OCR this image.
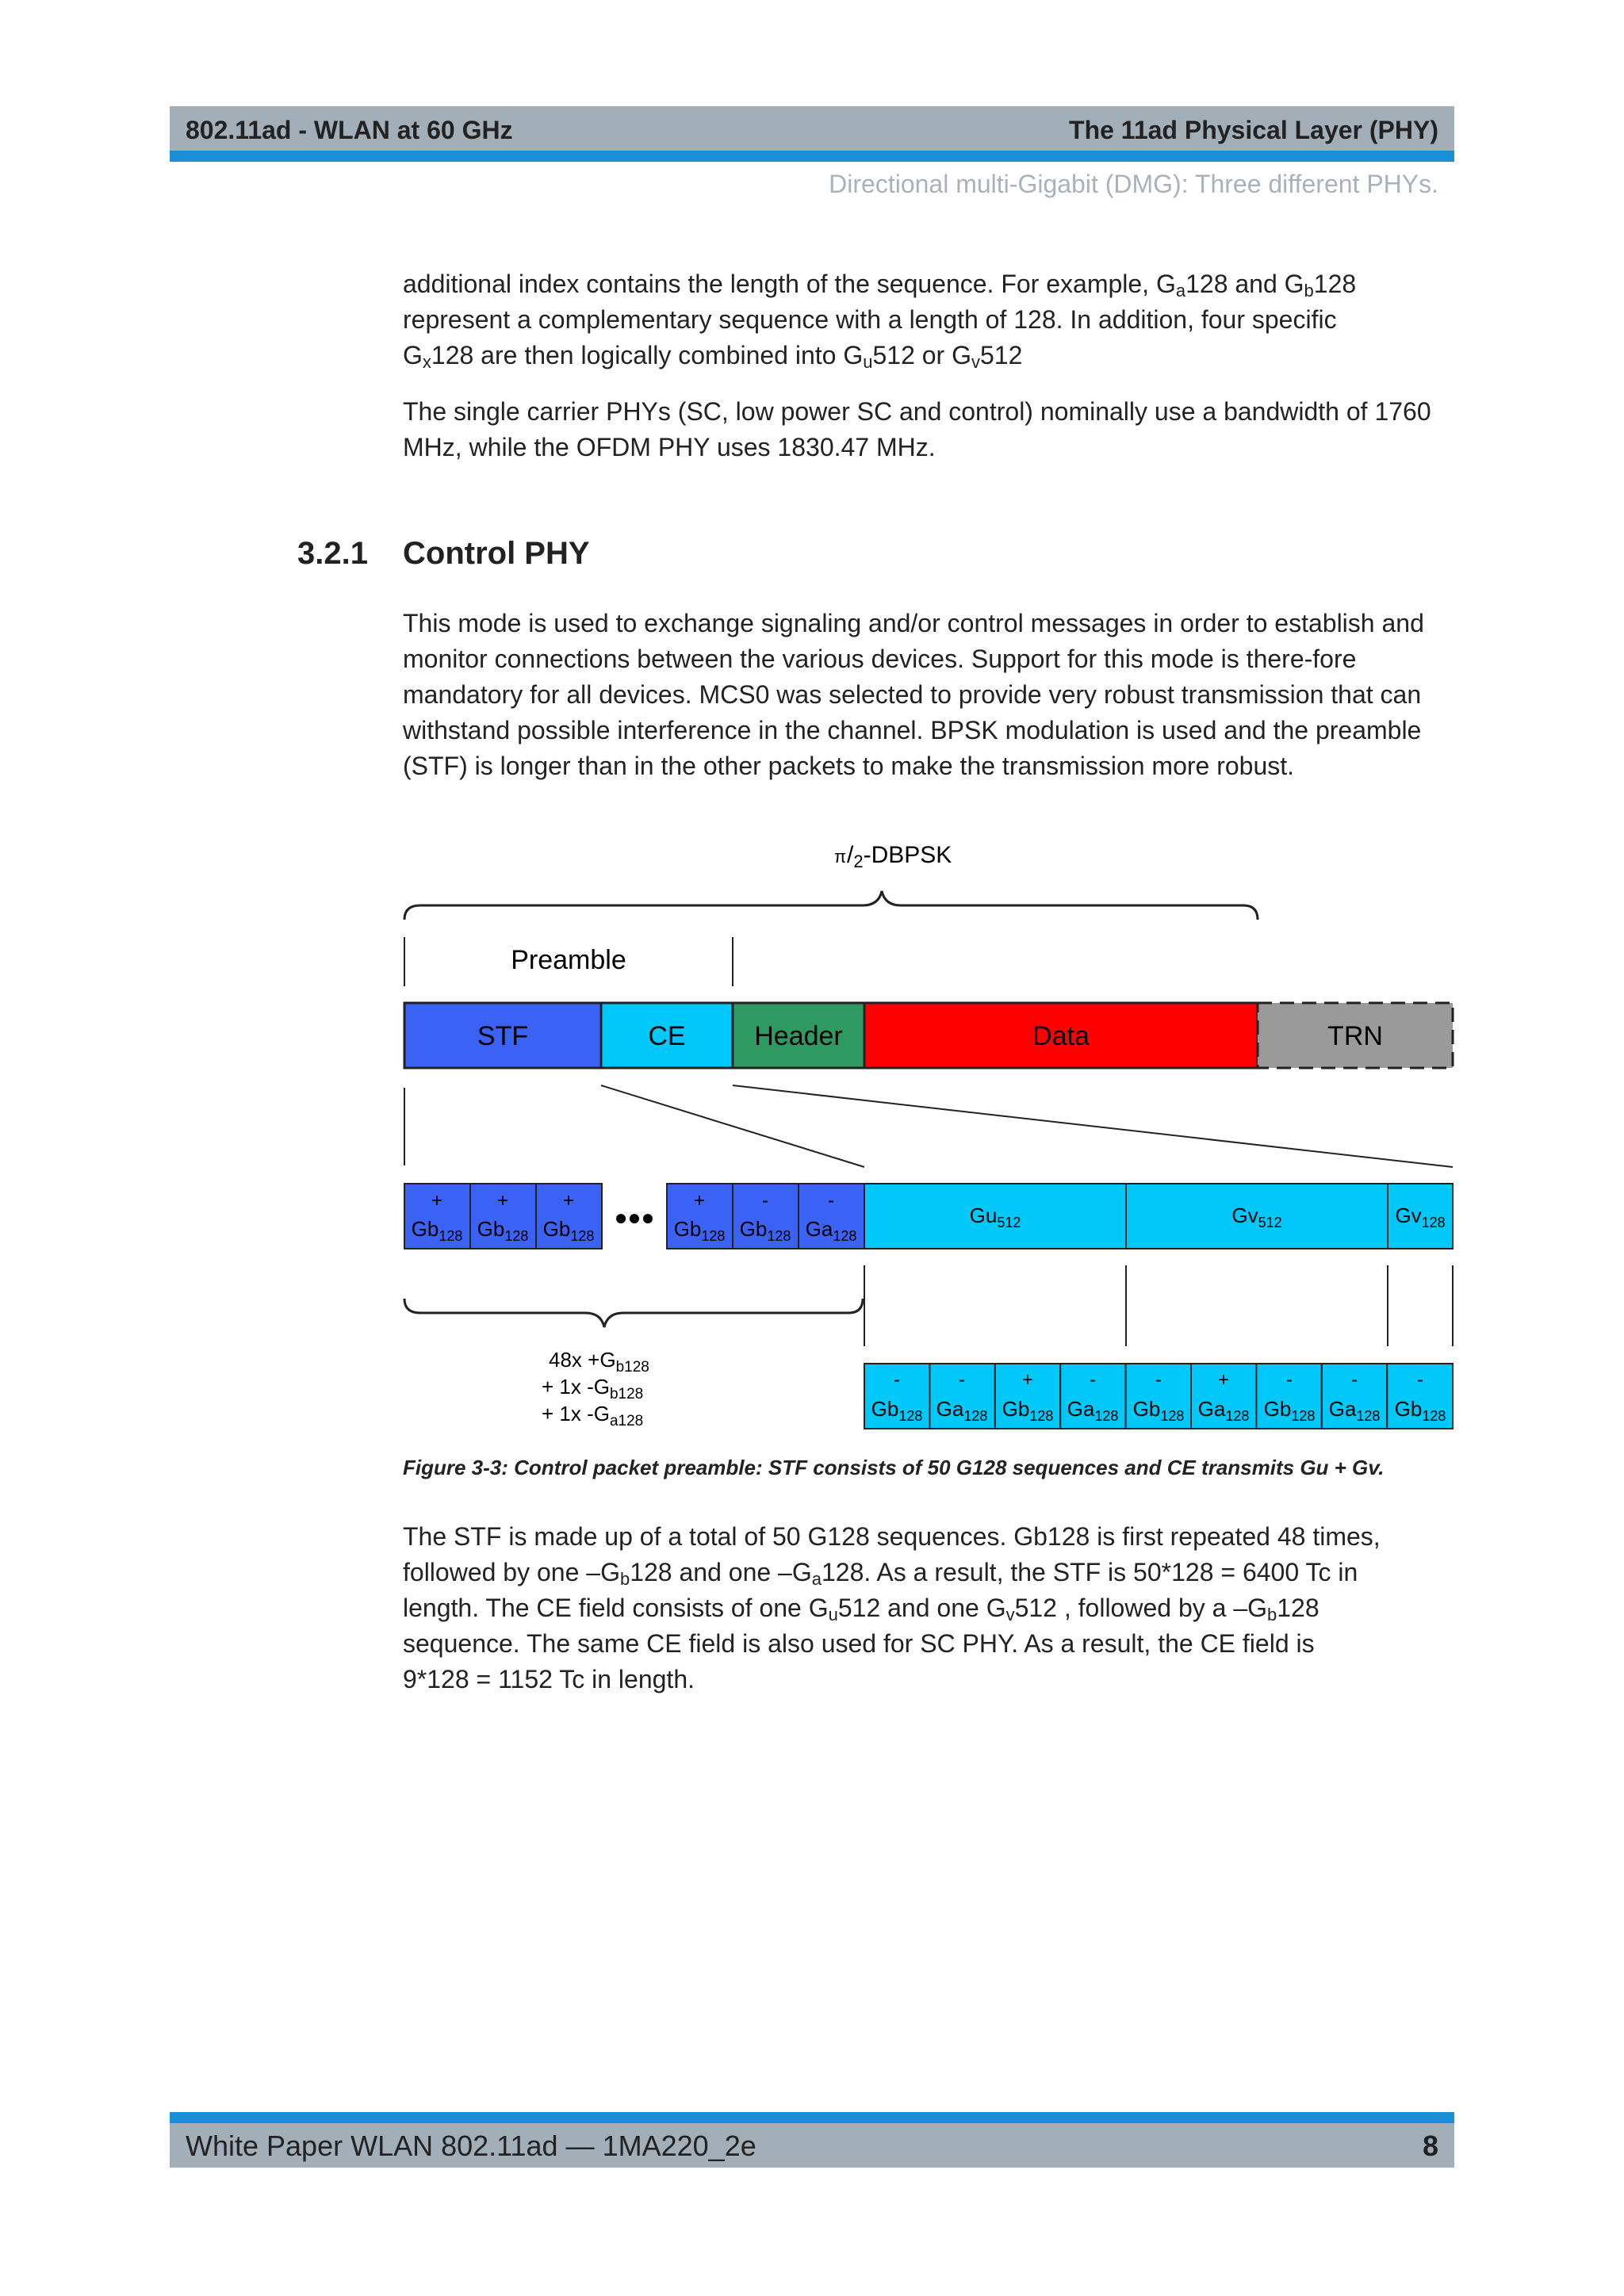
802.11ad - WLAN at 60 GHz	The 11ad Physical Layer (PHY)
Directional multi-Gigabit (DMG): Three different PHYs.

additional index contains the length of the sequence. For example, $G_a128$ and $G_b128$
represent a complementary sequence with a length of 128. In addition, four specific
$G_x128$ are then logically combined into $G_u512$ or $G_v512$

The single carrier PHYs (SC, low power SC and control) nominally use a bandwidth of 1760 MHz, while the OFDM PHY uses 1830.47 MHz.

3.2.1 Control PHY

This mode is used to exchange signaling and/or control messages in order to establish and monitor connections between the various devices. Support for this mode is there-fore mandatory for all devices. MCS0 was selected to provide very robust transmission that can withstand possible interference in the channel. BPSK modulation is used and the preamble (STF) is longer than in the other packets to make the transmission more robust.

π $/_2$-DBPSK
Preamble
STF	CE	Header	Data	TRN
+
$Gb_{128}$
+
$Gb_{128}$
+
$Gb_{128}$
+
$Gb_{128}$
-
$Gb_{128}$
-
$Ga_{128}$
●●●	$Gu_{512}$	$Gv_{512}$	$Gv_{128}$
$48x +G_{b128}$
+ 1x $-G_{b128}$
+ 1x $-G_{a128}$
-
$Gb_{128}$
-
$Ga_{128}$
+
$Gb_{128}$
-
$Ga_{128}$
-
$Gb_{128}$
+
$Ga_{128}$
-
$Gb_{128}$
-
$Ga_{128}$
-
$Gb_{128}$
Figure 3-3: Control packet preamble: STF consists of 50 G128 sequences and CE transmits Gu + Gv.

The STF is made up of a total of 50 G128 sequences. Gb128 is first repeated 48 times,
followed by one $-G_b128$ and one $-G_a128$. As a result, the STF is 50*128 = 6400 Tc in
length. The CE field consists of one $G_u512$ and one $G_v512$ , followed by a $-G_b128$
sequence. The same CE field is also used for SC PHY. As a result, the CE field is
9*128 = 1152 Tc in length.

White Paper WLAN 802.11ad — 1MA220_2e	8
